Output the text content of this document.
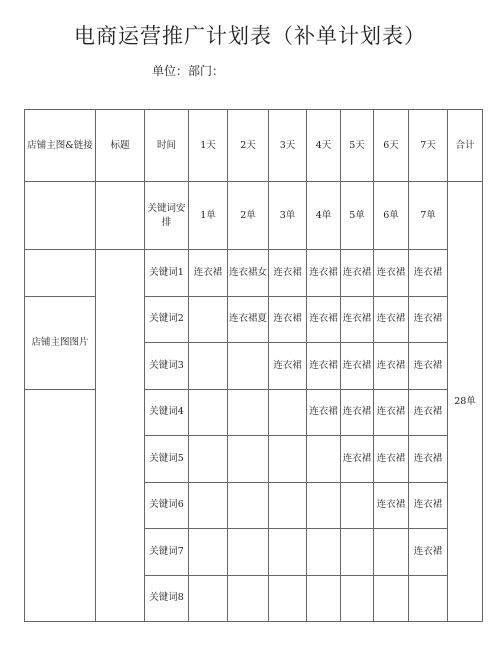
电商运营推广计划表（补单计划表）
单位：部门：
店铺主图&链接	标题	时间	1天	2天	3天	4天	5天	6天	7天	合计
		关键词安排	1单	2单	3单	4单	5单	6单	7单	28单
		关键词1	连衣裙	连衣裙女	连衣裙	连衣裙	连衣裙	连衣裙	连衣裙	
店铺主图图片		关键词2		连衣裙夏	连衣裙	连衣裙	连衣裙	连衣裙	连衣裙	
		关键词3			连衣裙	连衣裙	连衣裙	连衣裙	连衣裙	
		关键词4				连衣裙	连衣裙	连衣裙	连衣裙	
		关键词5					连衣裙	连衣裙	连衣裙	
		关键词6						连衣裙	连衣裙	
		关键词7							连衣裙	
		关键词8								
